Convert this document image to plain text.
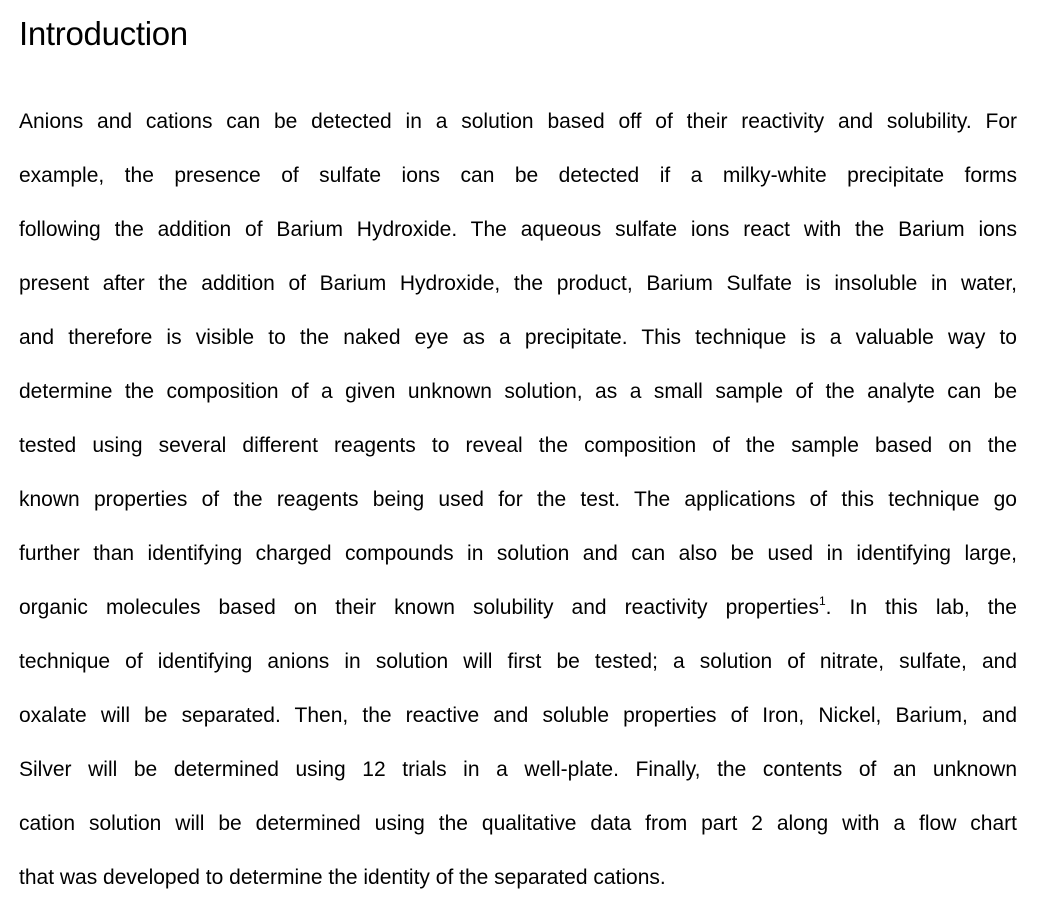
Introduction
Anions and cations can be detected in a solution based off of their reactivity and solubility. For
example, the presence of sulfate ions can be detected if a milky-white precipitate forms
following the addition of Barium Hydroxide. The aqueous sulfate ions react with the Barium ions
present after the addition of Barium Hydroxide, the product, Barium Sulfate is insoluble in water,
and therefore is visible to the naked eye as a precipitate. This technique is a valuable way to
determine the composition of a given unknown solution, as a small sample of the analyte can be
tested using several different reagents to reveal the composition of the sample based on the
known properties of the reagents being used for the test. The applications of this technique go
further than identifying charged compounds in solution and can also be used in identifying large,
organic molecules based on their known solubility and reactivity properties$^1$. In this lab, the
technique of identifying anions in solution will first be tested; a solution of nitrate, sulfate, and
oxalate will be separated. Then, the reactive and soluble properties of Iron, Nickel, Barium, and
Silver will be determined using 12 trials in a well-plate. Finally, the contents of an unknown
cation solution will be determined using the qualitative data from part 2 along with a flow chart
that was developed to determine the identity of the separated cations.
